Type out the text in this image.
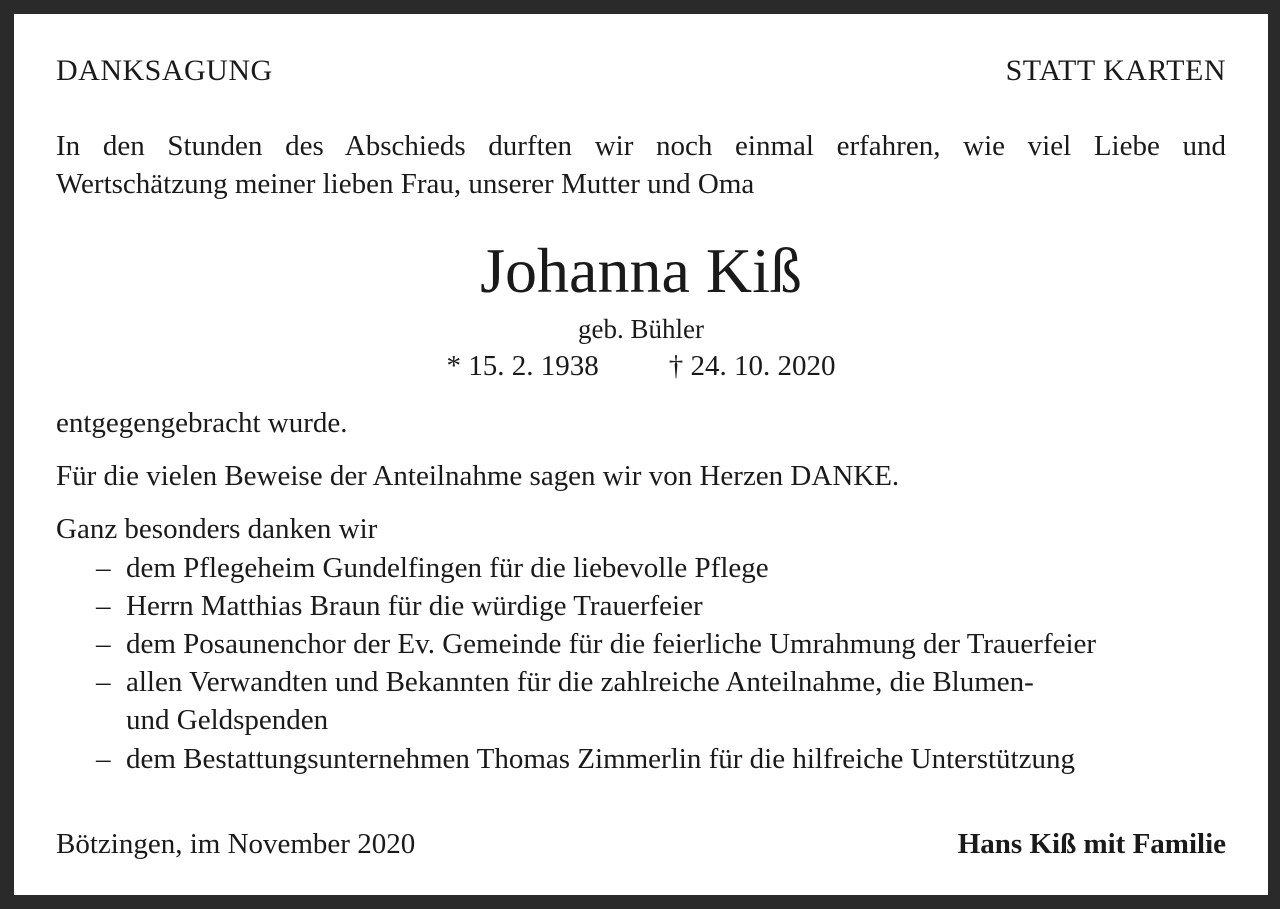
DANKSAGUNG	STATT KARTEN
In den Stunden des Abschieds durften wir noch einmal erfahren, wie viel Liebe und
Wertschätzung meiner lieben Frau, unserer Mutter und Oma
Johanna Kiß
geb. Bühler
* 15. 2. 1938 † 24. 10. 2020
entgegengebracht wurde.
Für die vielen Beweise der Anteilnahme sagen wir von Herzen DANKE.
Ganz besonders danken wir
– dem Pflegeheim Gundelfingen für die liebevolle Pflege
– Herrn Matthias Braun für die würdige Trauerfeier
– dem Posaunenchor der Ev. Gemeinde für die feierliche Umrahmung der Trauerfeier
– allen Verwandten und Bekannten für die zahlreiche Anteilnahme, die Blumen-
und Geldspenden
– dem Bestattungsunternehmen Thomas Zimmerlin für die hilfreiche Unterstützung
Bötzingen, im November 2020	Hans Kiß mit Familie
